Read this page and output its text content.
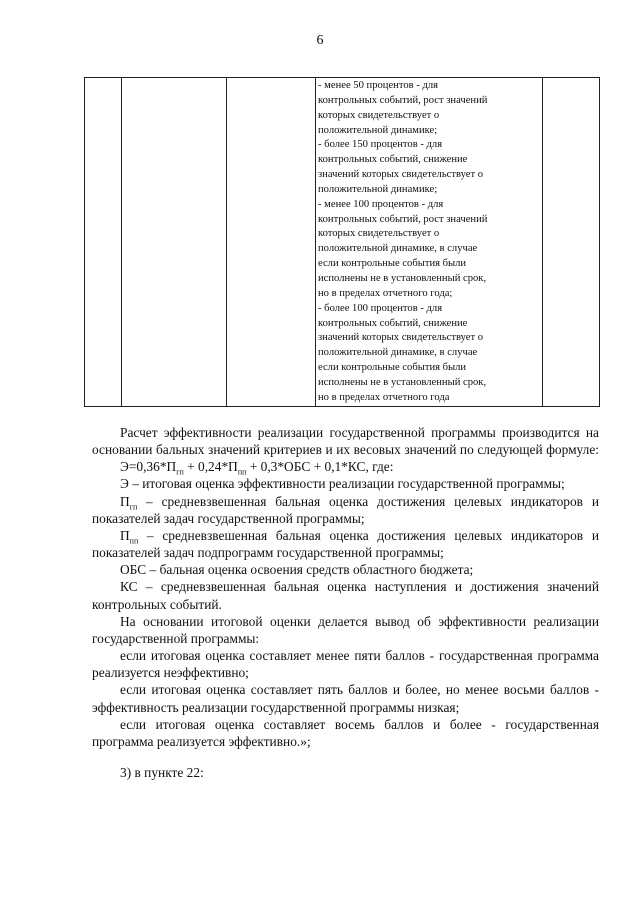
6

- менее 50 процентов - для
контрольных событий, рост значений
которых свидетельствует о
положительной динамике;
- более 150 процентов - для
контрольных событий, снижение
значений которых свидетельствует о
положительной динамике;
- менее 100 процентов - для
контрольных событий, рост значений
которых свидетельствует о
положительной динамике, в случае
если контрольные события были
исполнены не в установленный срок,
но в пределах отчетного года;
- более 100 процентов - для
контрольных событий, снижение
значений которых свидетельствует о
положительной динамике, в случае
если контрольные события были
исполнены не в установленный срок,
но в пределах отчетного года

Расчет эффективности реализации государственной программы производится на основании бальных значений критериев и их весовых значений по следующей формуле:
$Э=0,36*П_{гп} + 0,24*П_{пп} + 0,3*ОБС + 0,1*КС$, где:
Э – итоговая оценка эффективности реализации государственной программы;
$П_{гп}$ – средневзвешенная бальная оценка достижения целевых индикаторов и показателей задач государственной программы;
$П_{пп}$ – средневзвешенная бальная оценка достижения целевых индикаторов и показателей задач подпрограмм государственной программы;
ОБС – бальная оценка освоения средств областного бюджета;
КС – средневзвешенная бальная оценка наступления и достижения значений контрольных событий.
На основании итоговой оценки делается вывод об эффективности реализации государственной программы:
если итоговая оценка составляет менее пяти баллов - государственная программа реализуется неэффективно;
если итоговая оценка составляет пять баллов и более, но менее восьми баллов - эффективность реализации государственной программы низкая;
если итоговая оценка составляет восемь баллов и более - государственная программа реализуется эффективно.»;
3) в пункте 22:
